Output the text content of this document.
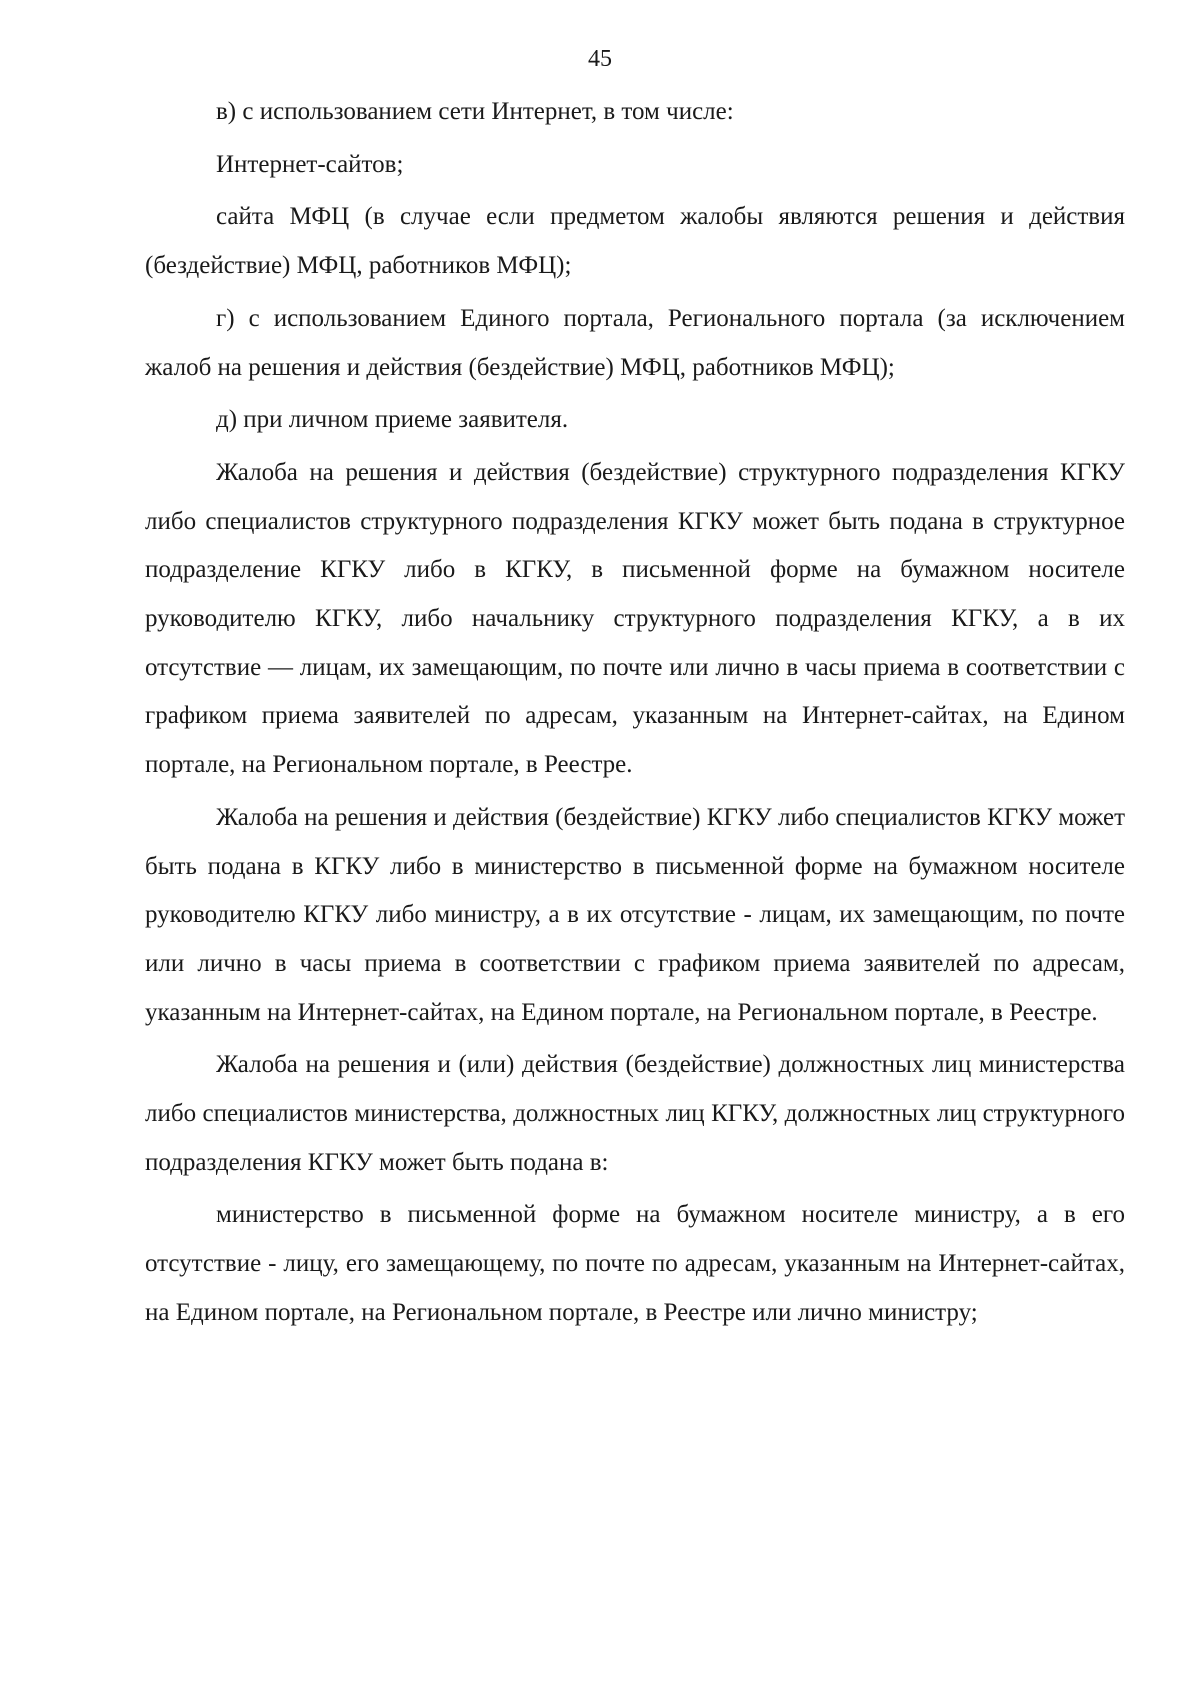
45

в) с использованием сети Интернет, в том числе:

Интернет-сайтов;

сайта МФЦ (в случае если предметом жалобы являются решения и действия (бездействие) МФЦ, работников МФЦ);

г) с использованием Единого портала, Регионального портала (за исключением жалоб на решения и действия (бездействие) МФЦ, работников МФЦ);

д) при личном приеме заявителя.

Жалоба на решения и действия (бездействие) структурного подразделения КГКУ либо специалистов структурного подразделения КГКУ может быть подана в структурное подразделение КГКУ либо в КГКУ, в письменной форме на бумажном носителе руководителю КГКУ, либо начальнику структурного подразделения КГКУ, а в их отсутствие — лицам, их замещающим, по почте или лично в часы приема в соответствии с графиком приема заявителей по адресам, указанным на Интернет-сайтах, на Едином портале, на Региональном портале, в Реестре.

Жалоба на решения и действия (бездействие) КГКУ либо специалистов КГКУ может быть подана в КГКУ либо в министерство в письменной форме на бумажном носителе руководителю КГКУ либо министру, а в их отсутствие - лицам, их замещающим, по почте или лично в часы приема в соответствии с графиком приема заявителей по адресам, указанным на Интернет-сайтах, на Едином портале, на Региональном портале, в Реестре.

Жалоба на решения и (или) действия (бездействие) должностных лиц министерства либо специалистов министерства, должностных лиц КГКУ, должностных лиц структурного подразделения КГКУ может быть подана в:

министерство в письменной форме на бумажном носителе министру, а в его отсутствие - лицу, его замещающему, по почте по адресам, указанным на Интернет-сайтах, на Едином портале, на Региональном портале, в Реестре или лично министру;
